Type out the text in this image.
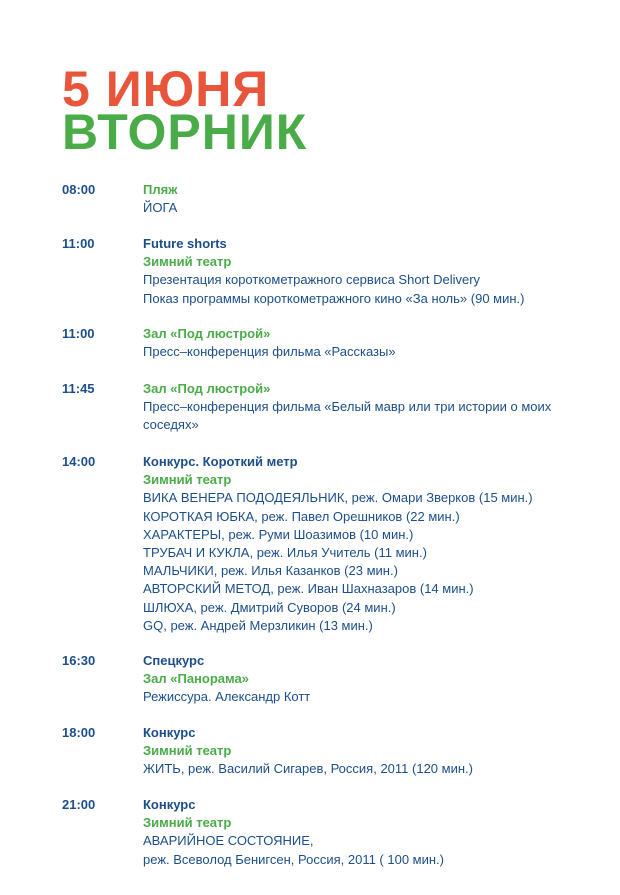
5 ИЮНЯ
ВТОРНИК
08:00	Пляж
ЙОГА
11:00	Future shorts
Зимний театр
Презентация короткометражного сервиса Short Delivery
Показ программы короткометражного кино «За ноль» (90 мин.)
11:00	Зал «Под люстрой»
Пресс–конференция фильма «Рассказы»
11:45	Зал «Под люстрой»
Пресс–конференция фильма «Белый мавр или три истории о моих соседях»
14:00	Конкурс. Короткий метр
Зимний театр
ВИКА ВЕНЕРА ПОДОДЕЯЛЬНИК, реж. Омари Зверков (15 мин.)
КОРОТКАЯ ЮБКА, реж. Павел Орешников (22 мин.)
ХАРАКТЕРЫ, реж. Руми Шоазимов (10 мин.)
ТРУБАЧ И КУКЛА, реж. Илья Учитель (11 мин.)
МАЛЬЧИКИ, реж. Илья Казанков (23 мин.)
АВТОРСКИЙ МЕТОД, реж. Иван Шахназаров (14 мин.)
ШЛЮХА, реж. Дмитрий Суворов (24 мин.)
GQ, реж. Андрей Мерзликин (13 мин.)
16:30	Спецкурс
Зал «Панорама»
Режиссура. Александр Котт
18:00	Конкурс
Зимний театр
ЖИТЬ, реж. Василий Сигарев, Россия, 2011 (120 мин.)
21:00	Конкурс
Зимний театр
АВАРИЙНОЕ СОСТОЯНИЕ,
реж. Всеволод Бенигсен, Россия, 2011 ( 100 мин.)
